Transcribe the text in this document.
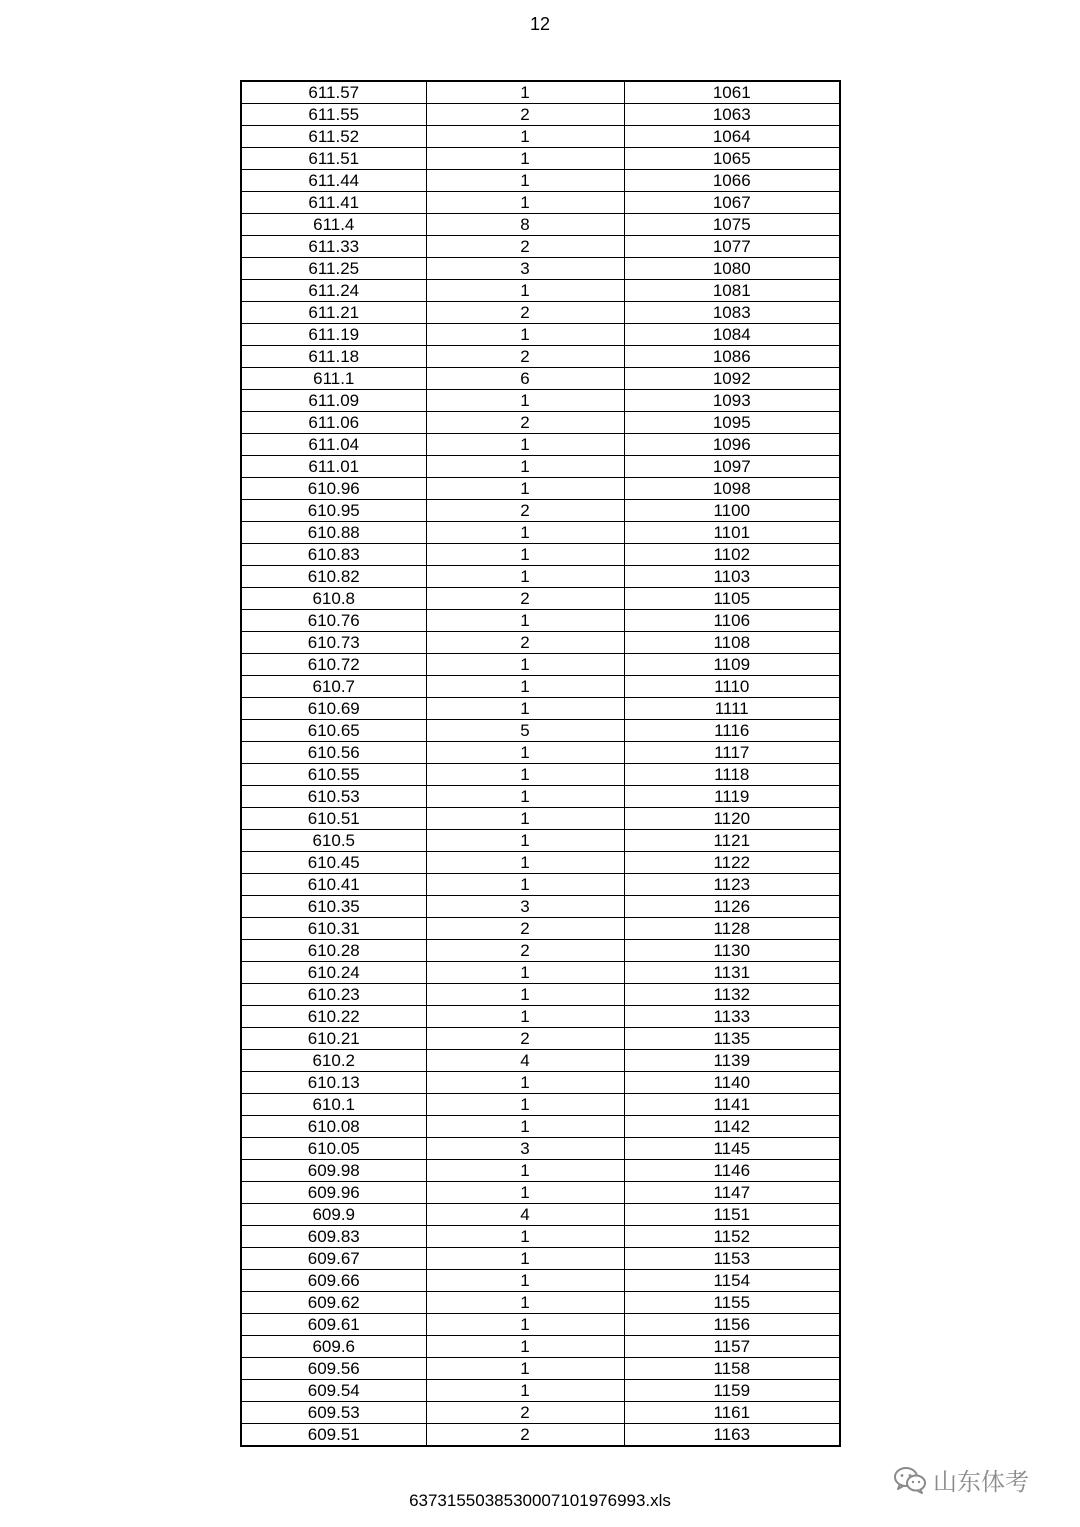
12
611.57	1	1061
611.55	2	1063
611.52	1	1064
611.51	1	1065
611.44	1	1066
611.41	1	1067
611.4	8	1075
611.33	2	1077
611.25	3	1080
611.24	1	1081
611.21	2	1083
611.19	1	1084
611.18	2	1086
611.1	6	1092
611.09	1	1093
611.06	2	1095
611.04	1	1096
611.01	1	1097
610.96	1	1098
610.95	2	1100
610.88	1	1101
610.83	1	1102
610.82	1	1103
610.8	2	1105
610.76	1	1106
610.73	2	1108
610.72	1	1109
610.7	1	1110
610.69	1	1111
610.65	5	1116
610.56	1	1117
610.55	1	1118
610.53	1	1119
610.51	1	1120
610.5	1	1121
610.45	1	1122
610.41	1	1123
610.35	3	1126
610.31	2	1128
610.28	2	1130
610.24	1	1131
610.23	1	1132
610.22	1	1133
610.21	2	1135
610.2	4	1139
610.13	1	1140
610.1	1	1141
610.08	1	1142
610.05	3	1145
609.98	1	1146
609.96	1	1147
609.9	4	1151
609.83	1	1152
609.67	1	1153
609.66	1	1154
609.62	1	1155
609.61	1	1156
609.6	1	1157
609.56	1	1158
609.54	1	1159
609.53	2	1161
609.51	2	1163
山东体考
637315503853000710197699​3.xls
